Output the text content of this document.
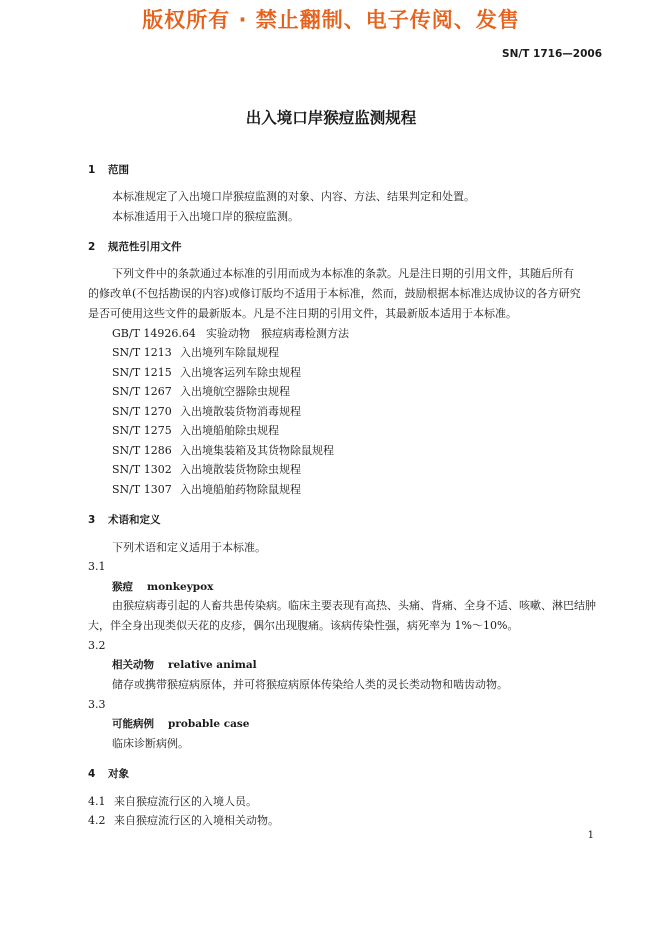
版权所有 · 禁止翻制、电子传阅、发售
SN/T 1716—2006
出入境口岸猴痘监测规程
1 范围
本标准规定了入出境口岸猴痘监测的对象、内容、方法、结果判定和处置。
本标准适用于入出境口岸的猴痘监测。
2 规范性引用文件
下列文件中的条款通过本标准的引用而成为本标准的条款。凡是注日期的引用文件，其随后所有
的修改单(不包括勘误的内容)或修订版均不适用于本标准，然而，鼓励根据本标准达成协议的各方研究
是否可使用这些文件的最新版本。凡是不注日期的引用文件，其最新版本适用于本标准。
GB/T 14926.64 实验动物　猴痘病毒检测方法
SN/T 1213 入出境列车除鼠规程
SN/T 1215 入出境客运列车除虫规程
SN/T 1267 入出境航空器除虫规程
SN/T 1270 入出境散装货物消毒规程
SN/T 1275 入出境船舶除虫规程
SN/T 1286 入出境集装箱及其货物除鼠规程
SN/T 1302 入出境散装货物除虫规程
SN/T 1307 入出境船舶药物除鼠规程
3 术语和定义
下列术语和定义适用于本标准。
3.1
猴痘 monkeypox
由猴痘病毒引起的人畜共患传染病。临床主要表现有高热、头痛、背痛、全身不适、咳嗽、淋巴结肿
大，伴全身出现类似天花的皮疹，偶尔出现腹痛。该病传染性强，病死率为 1%～10%。
3.2
相关动物 relative animal
储存或携带猴痘病原体，并可将猴痘病原体传染给人类的灵长类动物和啮齿动物。
3.3
可能病例 probable case
临床诊断病例。
4 对象
4.1 来自猴痘流行区的入境人员。
4.2 来自猴痘流行区的入境相关动物。
1
